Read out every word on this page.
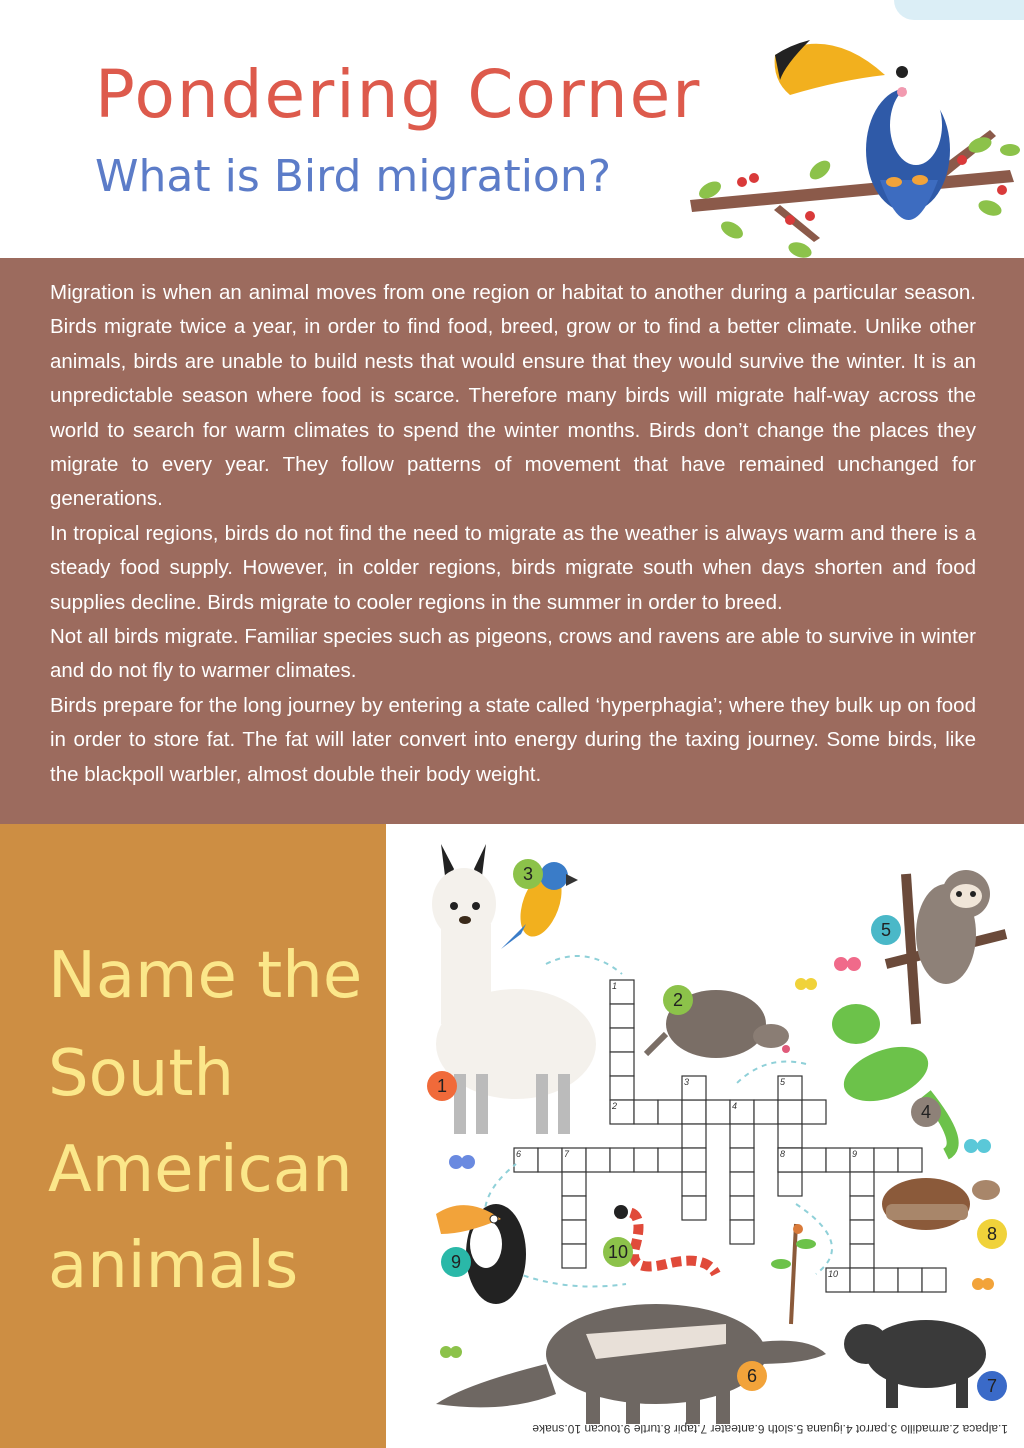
Pondering Corner
What is Bird migration?

Migration is when an animal moves from one region or habitat to another during a particular season. Birds migrate twice a year, in order to find food, breed, grow or to find a better climate. Unlike other animals, birds are unable to build nests that would ensure that they would survive the winter. It is an unpredictable season where food is scarce. Therefore many birds will migrate half-way across the world to search for warm climates to spend the winter months. Birds don’t change the places they migrate to every year. They follow patterns of movement that have remained unchanged for generations.

In tropical regions, birds do not find the need to migrate as the weather is always warm and there is a steady food supply. However, in colder regions, birds migrate south when days shorten and food supplies decline. Birds migrate to cooler regions in the summer in order to breed.

Not all birds migrate. Familiar species such as pigeons, crows and ravens are able to survive in winter and do not fly to warmer climates.

Birds prepare for the long journey by entering a state called ‘hyperphagia’; where they bulk up on food in order to store fat. The fat will later convert into energy during the taxing journey. Some birds, like the blackpoll warbler, almost double their body weight.

Name the
South
American
animals
1
2
3
4
5
6	7	8	9
10
1
2
3
4
5
6	7
8
9	10
1.alpaca 2.armadillo 3.parrot 4.iguana 5.sloth 6.anteater 7.tapir 8.turtle 9.toucan 10.snake
